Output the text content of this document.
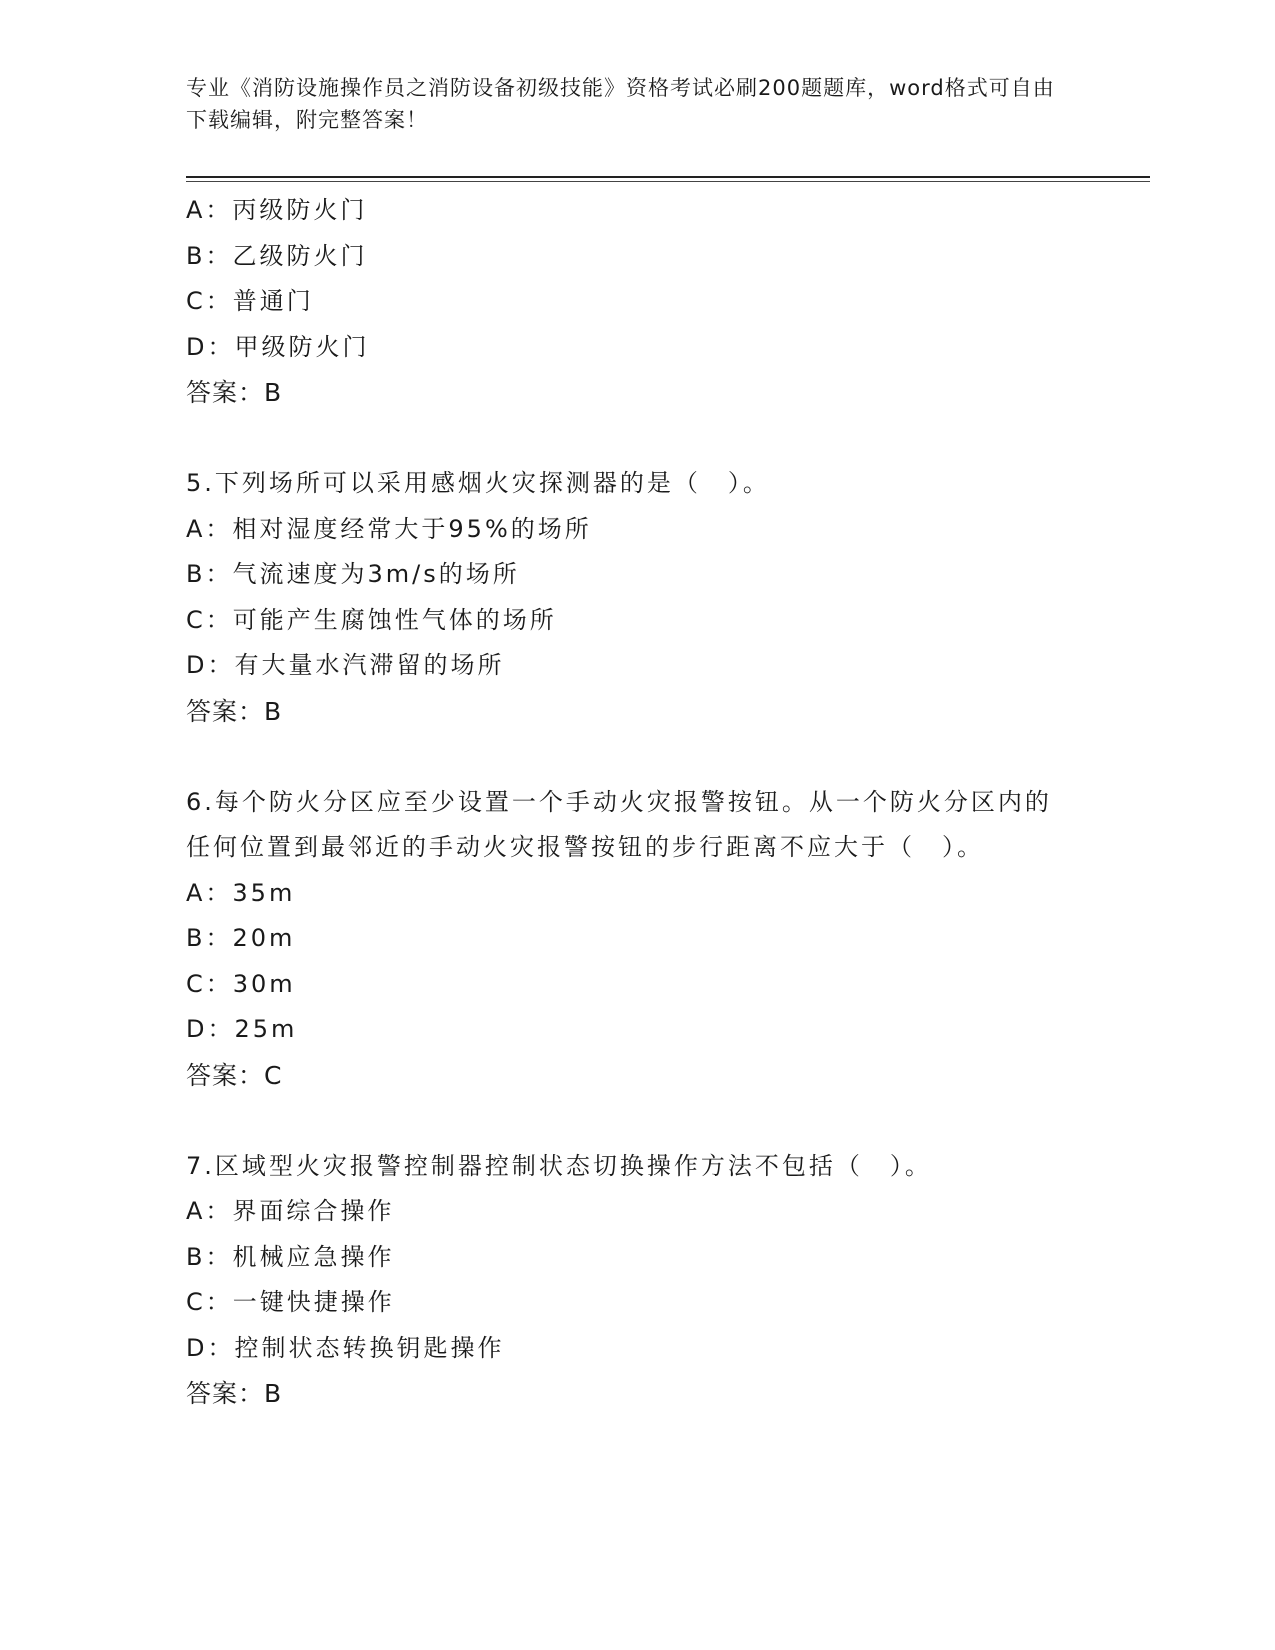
专业《消防设施操作员之消防设备初级技能》资格考试必刷200题题库，word格式可自由下载编辑，附完整答案！
A：丙级防火门
B：乙级防火门
C：普通门
D：甲级防火门
答案：B
5.下列场所可以采用感烟火灾探测器的是（　）。
A：相对湿度经常大于95%的场所
B：气流速度为3m/s的场所
C：可能产生腐蚀性气体的场所
D：有大量水汽滞留的场所
答案：B
6.每个防火分区应至少设置一个手动火灾报警按钮。从一个防火分区内的任何位置到最邻近的手动火灾报警按钮的步行距离不应大于（　）。
A：35m
B：20m
C：30m
D：25m
答案：C
7.区域型火灾报警控制器控制状态切换操作方法不包括（　）。
A：界面综合操作
B：机械应急操作
C：一键快捷操作
D：控制状态转换钥匙操作
答案：B
